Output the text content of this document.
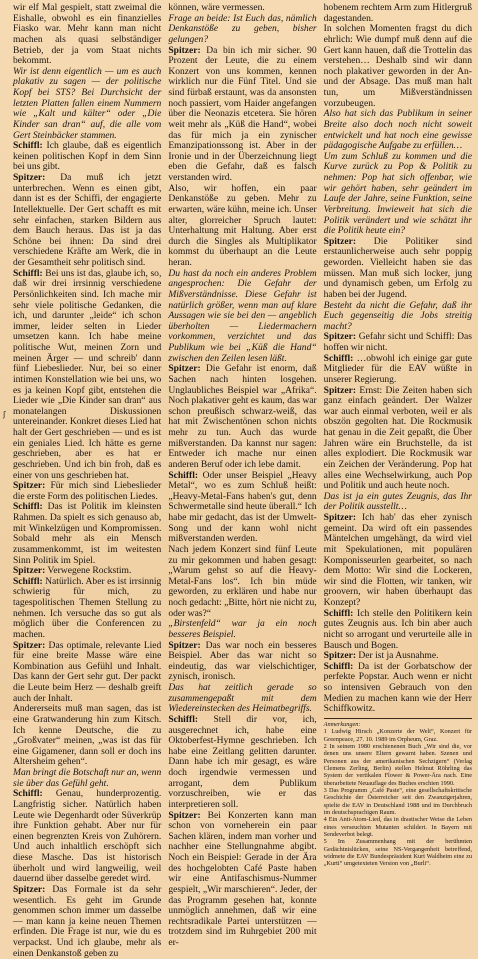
ʃ

wir elf Mal gespielt, statt zweimal die Eishalle, obwohl es ein finanzielles Fiasko war. Mehr kann man nicht machen als quasi selbständiger Betrieb, der ja vom Staat nichts bekommt.

Wir ist denn eigentlich — um es auch plakativ zu sagen — der politische Kopf bei STS? Bei Durchsicht der letzten Platten fallen einem Nummern wie „Kalt und kälter“ oder „Die Kinder san dran“ auf, die alle vom Gert Steinbäcker stammen.

Schiffl: Ich glaube, daß es eigentlich keinen politischen Kopf in dem Sinn bei uns gibt.

Spitzer: Da muß ich jetzt unterbrechen. Wenn es einen gibt, dann ist es der Schiffi, der engagierte Intellektuelle. Der Gert schafft es mit sehr einfachen, starken Bildern aus dem Bauch heraus. Das ist ja das Schöne bei ihnen: Da sind drei verschiedene Kräfte am Werk, die in der Gesamtheit sehr politisch sind.

Schiffl: Bei uns ist das, glaube ich, so, daß wir drei irrsinnig verschiedene Persönlichkeiten sind. Ich mache mir sehr viele politische Gedanken, die ich, und darunter „leide“ ich schon immer, leider selten in Lieder umsetzen kann. Ich habe meine politische Wut, meinen Zorn und meinen Ärger — und schreib' dann fünf Liebeslieder. Nur, bei so einer intimen Konstellation wie bei uns, wo es ja keinen Kopf gibt, entstehen die Lieder wie „Die Kinder san dran“ aus monatelangen Diskussionen untereinander. Konkret dieses Lied hat halt der Gert geschrieben — und es ist ein geniales Lied. Ich hätte es gerne geschrieben, aber es hat er geschrieben. Und ich bin froh, daß es einer von uns geschrieben hat.

Spitzer: Für mich sind Liebeslieder die erste Form des politischen Liedes.

Schiffl: Das ist Politik im kleinsten Rahmen. Da spielt es sich genauso ab, mit Winkelzügen und Kompromissen. Sobald mehr als ein Mensch zusammenkommt, ist im weitesten Sinn Politik im Spiel.

Spitzer: Verwegene Rockstim.

Schiffl: Natürlich. Aber es ist irrsinnig schwierig für mich, zu tagespolitischen Themen Stellung zu nehmen. Ich versuche das so gut als möglich über die Conferencen zu machen.

Spitzer: Das optimale, relevante Lied für eine breite Masse wäre eine Kombination aus Gefühl und Inhalt. Das kann der Gert sehr gut. Der packt die Leute beim Herz — deshalb greift auch der Inhalt.

Andererseits muß man sagen, das ist eine Gratwanderung hin zum Kitsch. Ich kenne Deutsche, die zu „Großvater“ meinen, „was ist das für eine Gigamener, dann soll er doch ins Altersheim gehen“.

Man bringt die Botschaft nur an, wenn sie über das Gefühl geht.

Schiffl: Genau, hunderprozentig. Langfristig sicher. Natürlich haben Leute wie Degenhardt oder Süverkrüp ihre Funktion gehabt. Aber nur für einen begrenzten Kreis von Zuhörern. Und auch inhaltlich erschöpft sich diese Masche. Das ist historisch überholt und wird langweilig, weil dauernd über dasselbe geredet wird.

Spitzer: Das Formale ist da sehr wesentlich. Es geht im Grunde genommen schon immer um dasselbe — man kann ja keine neuen Themen erfinden. Die Frage ist nur, wie du es verpackst. Und ich glaube, mehr als einen Denkanstoß geben zu

können, wäre vermessen.

Frage an beide: Ist Euch das, nämlich Denkanstöße zu geben, bisher gelungen?

Spitzer: Da bin ich mir sicher. 90 Prozent der Leute, die zu einem Konzert von uns kommen, kennen wirklich nur die Fünf Titel. Und sie sind fürbaß erstaunt, was da ansonsten noch passiert, vom Haider angefangen über die Neonazis etcetera. Sie hören weit mehr als „Küß die Hand“, wobei das für mich ja ein zynischer Emanzipationssong ist. Aber in der Ironie und in der Überzeichnung liegt eben die Gefahr, daß es falsch verstanden wird.

Also, wir hoffen, ein paar Denkanstöße zu geben. Mehr zu erwarten, wäre kühn, meine ich. Unser alter, glorreicher Spruch lautet: Unterhaltung mit Haltung. Aber erst durch die Singles als Multiplikator kommst du überhaupt an die Leute heran.

Du hast da noch ein anderes Problem angesprochen: Die Gefahr der Mißverständnisse. Diese Gefahr ist natürlich größer, wenn man auf klare Aussagen wie sie bei den — angeblich überholten — Liedermachern vorkommen, verzichtet und das Publikum wie bei „Küß die Hand“ zwischen den Zeilen lesen läßt.

Spitzer: Die Gefahr ist enorm, daß Sachen nach hinten losgehen. Unglaubliches Beispiel war „Afrika“. Noch plakativer geht es kaum, das war schon preußisch schwarz-weiß, das hat mit Zwischentönen schon nichts mehr zu tun. Auch das wurde mißverstanden. Da kannst nur sagen: Entweder ich mache nur einen anderen Beruf oder ich lebe damit.

Schiffl: Oder unser Beispiel „Heavy Metal“, wo es zum Schluß heißt: „Heavy-Metal-Fans haben's gut, denn Schwermetalle sind heute überall.“ Ich habe mir gedacht, das ist der Umwelt-Song und der kann wohl nicht mißverstanden werden.

Nach jedem Konzert sind fünf Leute zu mir gekommen und haben gesagt: „Warum gehst so auf die Heavy-Metal-Fans los“. Ich bin müde geworden, zu erklären und habe nur noch gedacht: „Bitte, hört nie nicht zu, oder was?“

„Birstenfeld“ war ja ein noch besseres Beispiel.

Spitzer: Das war noch ein besseres Beispiel. Aber das war nicht so eindeutig, das war vielschichtiger, zynisch, ironisch.

Das hat zeitlich gerade so zusammengepaßt mit dem Wiedereinstecken des Heimatbegriffs.

Schiffl: Stell dir vor, ich, ausgerechnet ich, habe eine Oktoberfest-Hymne geschrieben. Ich habe eine Zeitlang gelitten darunter. Dann habe ich mir gesagt, es wäre doch irgendwie vermessen und arrogant, dem Publikum vorzuschreiben, wie er das interpretieren soll.

Spitzer: Bei Konzerten kann man schon von vorneherein ein paar Sachen klären, indem man vorher und nachher eine Stellungnahme abgibt. Noch ein Beispiel: Gerade in der Ära des hochgelobten Café Paste haben wir eine Antifaschismus-Nummer gespielt, „Wir marschieren“. Jeder, der das Programm gesehen hat, konnte unmöglich annehmen, daß wir eine rechtsradikale Partei unterstützen — trotzdem sind im Ruhrgebiet 200 mit er-

hobenem rechtem Arm zum Hitlergruß dagestanden.

In solchen Momenten fragst du dich ehrlich: Wie dumpf muß denn auf die Gert kann hauen, daß die Trottelin das verstehen… Deshalb sind wir dann noch plakativer geworden in der An- und der Absage. Das muß man halt tun, um Mißverständnissen vorzubeugen.

Also hat sich das Publikum in seiner Breite also doch noch nicht soweit entwickelt und hat noch eine gewisse pädagogische Aufgabe zu erfüllen…

Um zum Schluß zu kommen und die Kurve zurück zu Pop & Politik zu nehmen: Pop hat sich offenbar, wie wir gehört haben, sehr geändert im Laufe der Jahre, seine Funktion, seine Verbreitung. Inwieweit hat sich die Politik verändert und wie schätzt ihr die Politik heute ein?

Spitzer: Die Politiker sind erstaunlicherweise auch sehr poppig geworden. Vielleicht haben sie das müssen. Man muß sich locker, jung und dynamisch geben, um Erfolg zu haben bei der Jugend.

Besteht da nicht die Gefahr, daß ihr Euch gegenseitig die Jobs streitig macht?

Spitzer: Gefahr sicht und Schiffl: Das hoffen wir nicht.

Schiffl: …obwohl ich einige gar gute Mitglieder für die EAV wüßte in unserer Regierung.

Spitzer: Ernst: Die Zeiten haben sich ganz einfach geändert. Der Walzer war auch einmal verboten, weil er als obszön gegolten hat. Die Rockmusik hat genau in die Zeit gepaßt, die Über Jahren wäre ein Bruchstelle, da ist alles explodiert. Die Rockmusik war ein Zeichen der Veränderung. Pop hat alles eine Wechselwirkung, auch Pop und Politik und auch heute noch.

Das ist ja ein gutes Zeugnis, das Ihr der Politik ausstellt…

Spitzer: Ich hab' das eher zynisch gemeint. Da wird oft ein passendes Mäntelchen umgehängt, da wird viel mit Spekulationen, mit populären Komponisseurlen gearbeitet, so nach dem Motto: Wir sind die Lockeren, wir sind die Flotten, wir tanken, wir groovern, wir haben überhaupt das Konzept?

Schiffl: Ich stelle den Politikern kein gutes Zeugnis aus. Ich bin aber auch nicht so arrogant und verurteile alle in Bausch und Bogen.

Spitzer: Der ist ja Ausnahme.

Schiffl: Da ist der Gorbatschow der perfekte Popstar. Auch wenn er nicht so intensiven Gebrauch von den Medien zu machen kann wie der Herr Schiffkowitz.

Anmerkungen:
1 Ludwig Hirsch „Konzerte der Welt“, Konzert für Greenpeace, 27. 10. 1989 im Orpheum, Graz.
2 In seinem 1980 erschienenen Buch „Wir sind die, vor denen uns unsere Eltern gewarnt haben. Szenen und Personen aus der amerikanischen Sechzigern“ (Verlag Clemens Zerling, Berlin) stellen Helmut Röhrling das System der vertikalen Flower & Power-Ära nach. Eine überarbeitete Neuauflage des Buches erschien 1990.
3 Das Programm „Café Paste“, eine gesellschaftskritische Geschichte der Österreicher seit den Zwanzigerjahren, spielte die EAV in Deutschland 1988 und im Durchbruch im deutschsprachigen Raum.
4 Ein Anti-Atom-Lied, das in drastischer Weise die Leben eines verseuchten Mutanten schildert. In Bayern mit Sendeverbot belegt.
5 Im Zusammenhang mit der berühmten Gedächtnislücken, seine NS-Vergangenheit betreffend, widmete die EAV Bundespräsident Kurt Waldheim eine zu „Kurti“ umgetexteten Version von „Burli“.
